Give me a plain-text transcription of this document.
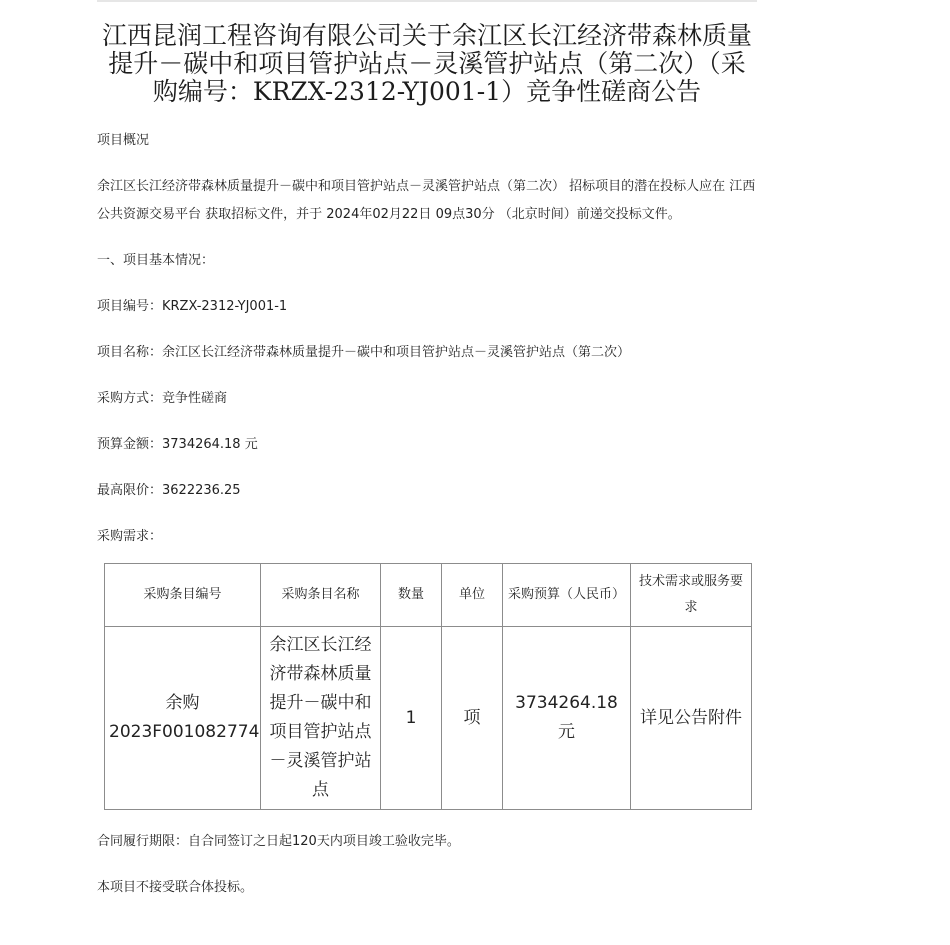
江西昆润工程咨询有限公司关于余江区长江经济带森林质量提升－碳中和项目管护站点－灵溪管护站点（第二次）（采购编号：KRZX-2312-YJ001-1）竞争性磋商公告

项目概况

余江区长江经济带森林质量提升－碳中和项目管护站点－灵溪管护站点（第二次） 招标项目的潜在投标人应在 江西公共资源交易平台 获取招标文件，并于 2024年02月22日 09点30分 （北京时间）前递交投标文件。

一、项目基本情况：

项目编号：KRZX-2312-YJ001-1

项目名称：余江区长江经济带森林质量提升－碳中和项目管护站点－灵溪管护站点（第二次）

采购方式：竞争性磋商

预算金额：3734264.18 元

最高限价：3622236.25

采购需求：

采购条目编号	采购条目名称	数量	单位	采购预算（人民币）	技术需求或服务要求
余购2023F001082774	余江区长江经济带森林质量提升－碳中和项目管护站点－灵溪管护站点	1	项	3734264.18元	详见公告附件

合同履行期限：自合同签订之日起120天内项目竣工验收完毕。

本项目不接受联合体投标。
